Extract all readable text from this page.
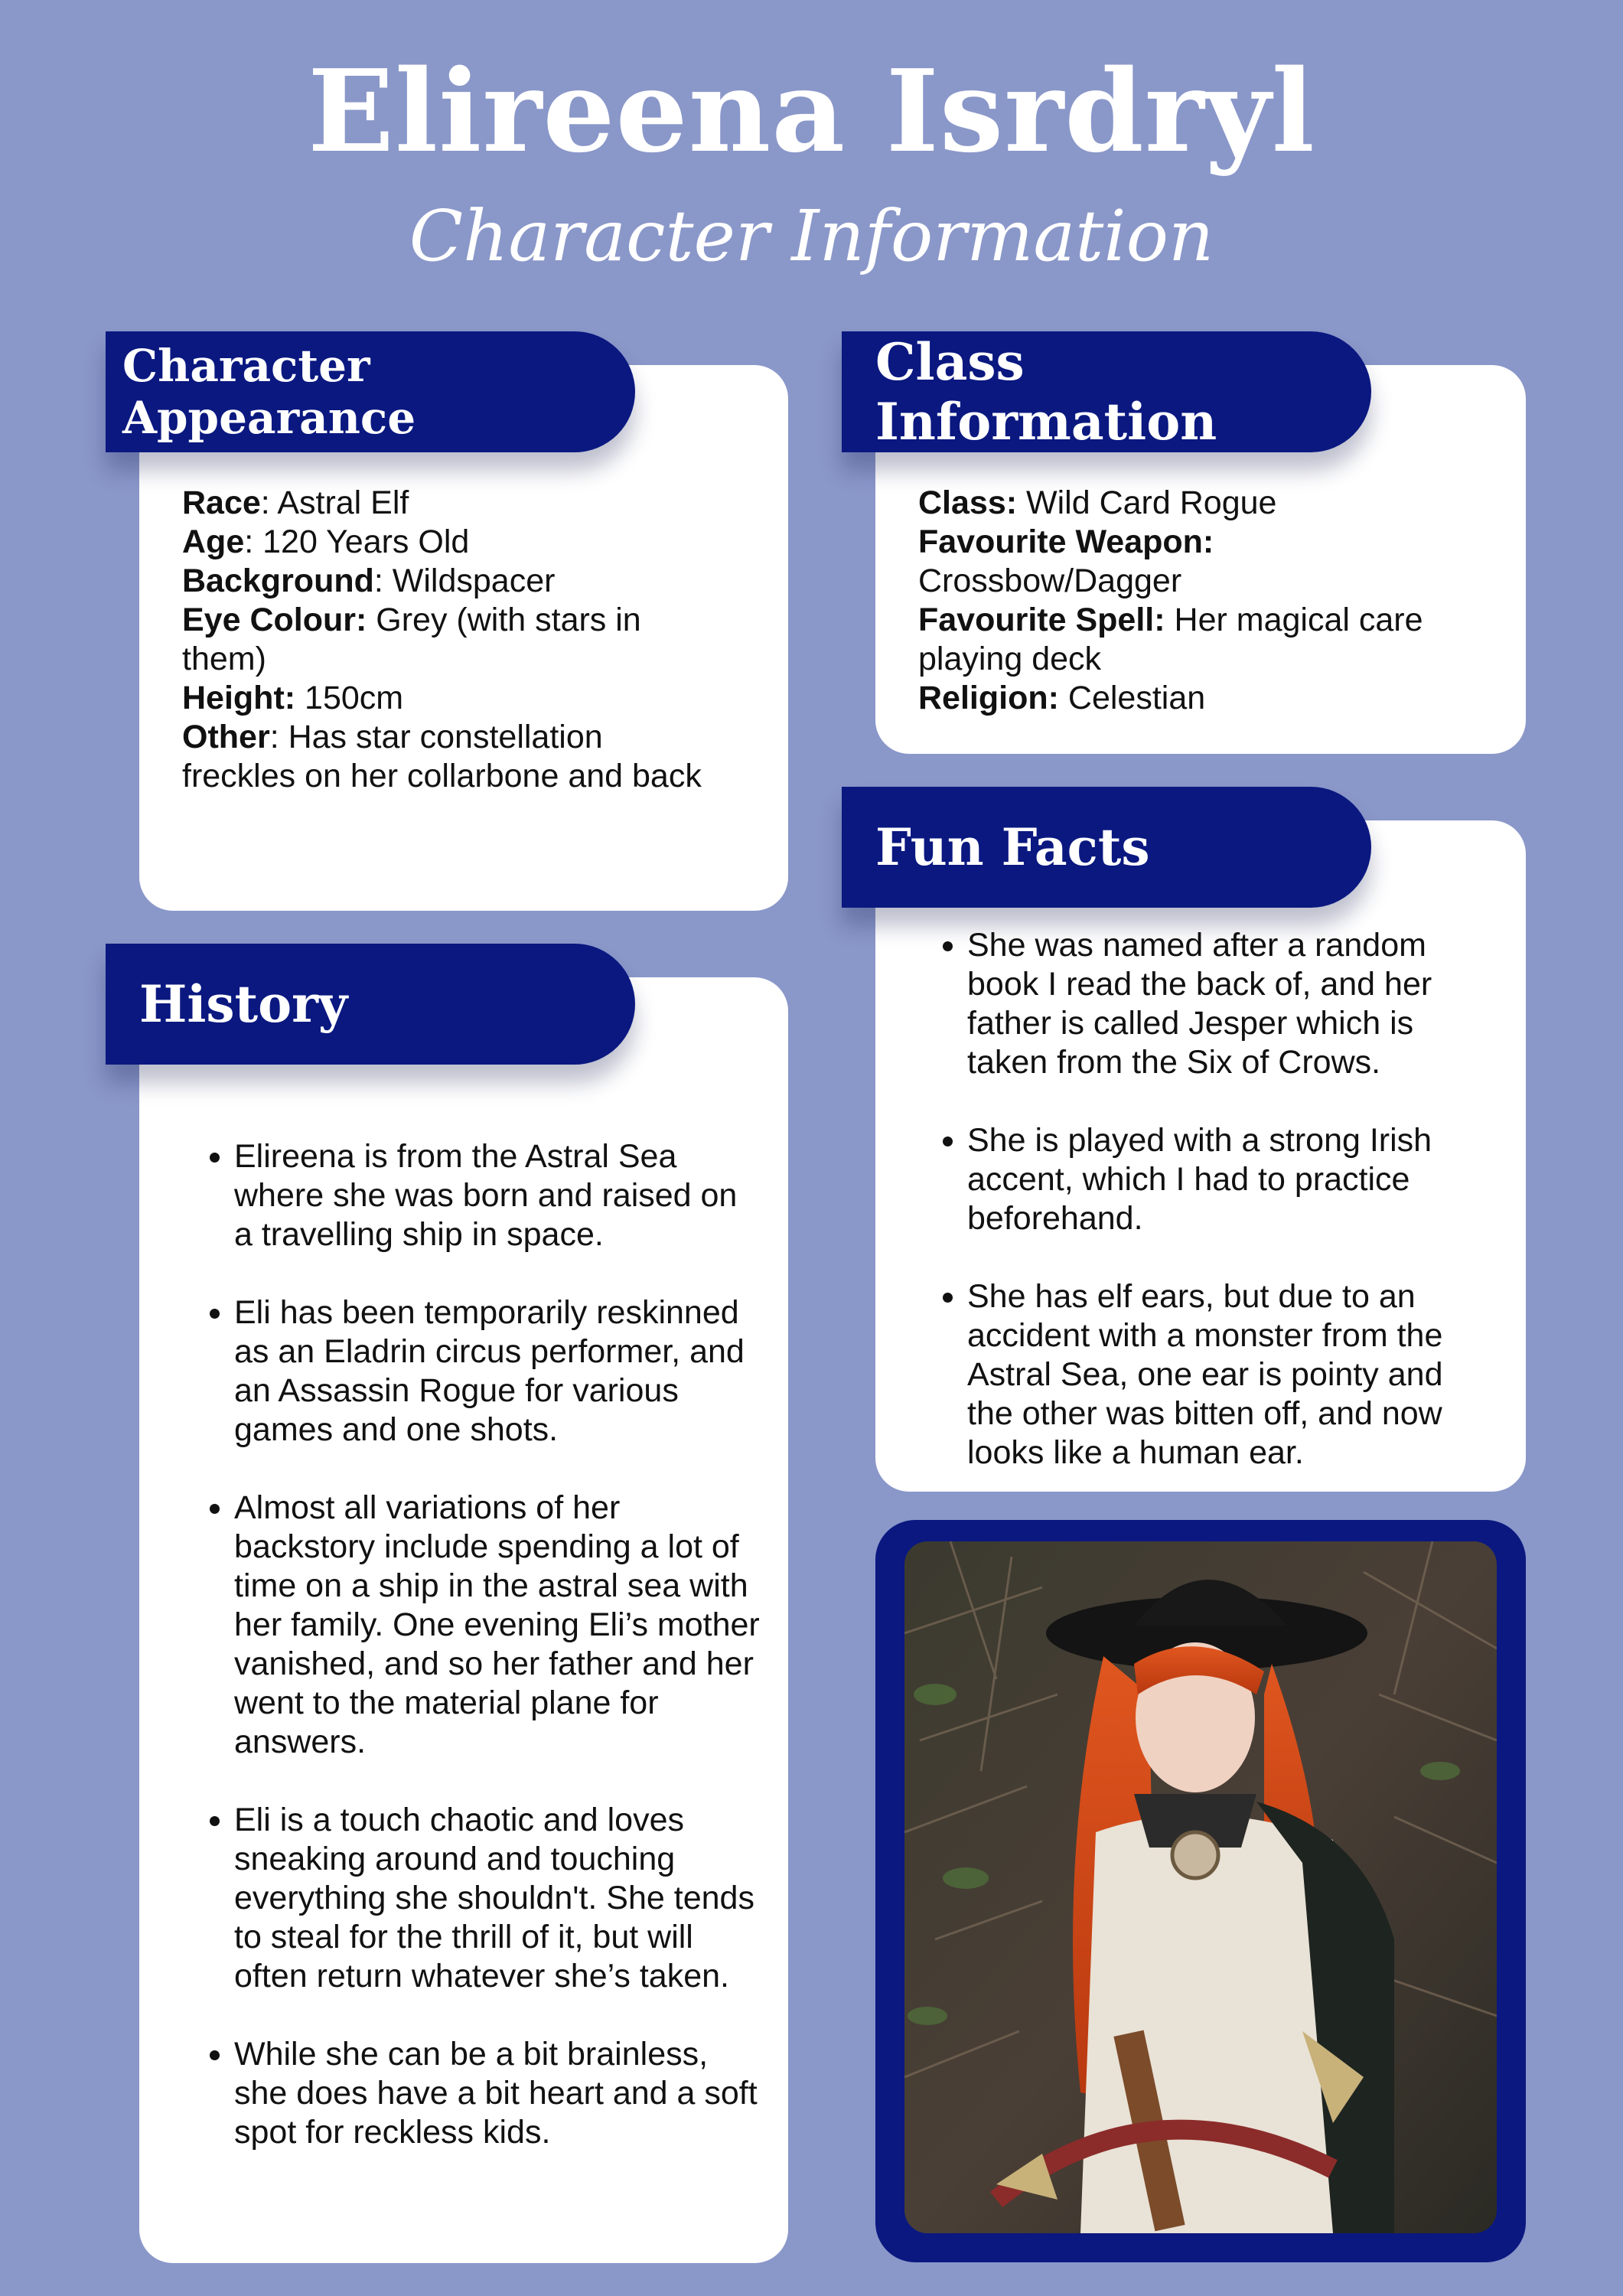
Elireena Isrdryl
Character Information
Character Appearance
Race: Astral Elf
Age: 120 Years Old
Background: Wildspacer
Eye Colour: Grey (with stars in them)
Height: 150cm
Other: Has star constellation freckles on her collarbone and back
Class Information
Class: Wild Card Rogue
Favourite Weapon: Crossbow/Dagger
Favourite Spell: Her magical care playing deck
Religion: Celestian
Fun Facts
• She was named after a random book I read the back of, and her father is called Jesper which is taken from the Six of Crows.
• She is played with a strong Irish accent, which I had to practice beforehand.
• She has elf ears, but due to an accident with a monster from the Astral Sea, one ear is pointy and the other was bitten off, and now looks like a human ear.
History
• Elireena is from the Astral Sea where she was born and raised on a travelling ship in space.
• Eli has been temporarily reskinned as an Eladrin circus performer, and an Assassin Rogue for various games and one shots.
• Almost all variations of her backstory include spending a lot of time on a ship in the astral sea with her family. One evening Eli’s mother vanished, and so her father and her went to the material plane for answers.
• Eli is a touch chaotic and loves sneaking around and touching everything she shouldn't. She tends to steal for the thrill of it, but will often return whatever she’s taken.
• While she can be a bit brainless, she does have a bit heart and a soft spot for reckless kids.
